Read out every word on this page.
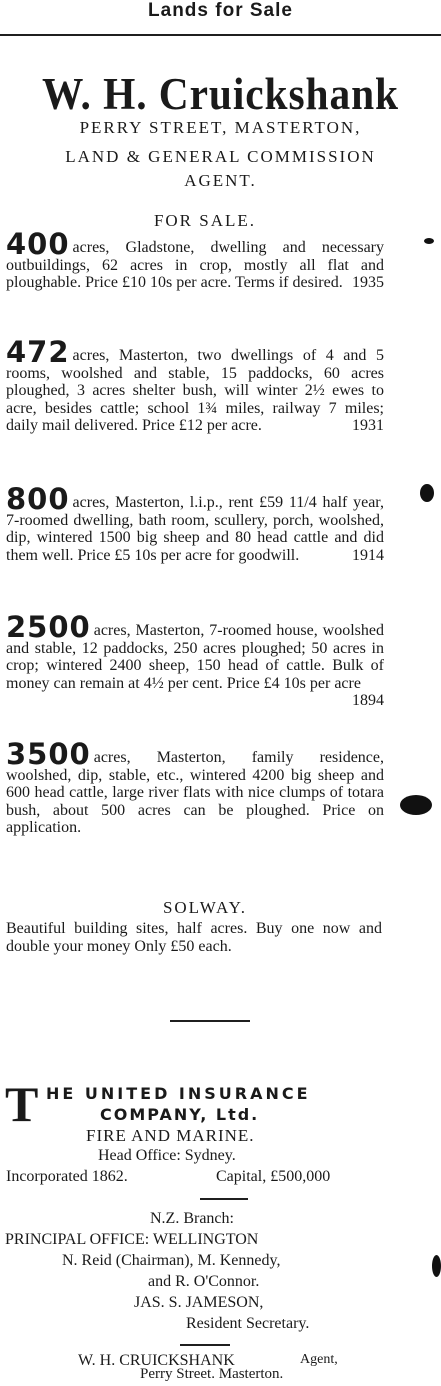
Lands for Sale
W. H. Cruickshank
PERRY STREET, MASTERTON,
LAND & GENERAL COMMISSION
AGENT.
FOR SALE.

400 acres, Gladstone, dwelling and necessary outbuildings, 62 acres in crop, mostly all flat and ploughable. Price £10 10s per acre. Terms if desired. 1935

472 acres, Masterton, two dwellings of 4 and 5 rooms, woolshed and stable, 15 paddocks, 60 acres ploughed, 3 acres shelter bush, will winter 2½ ewes to acre, besides cattle; school 1¾ miles, railway 7 miles; daily mail delivered. Price £12 per acre.	1931

800 acres, Masterton, l.i.p., rent £59 11/4 half year, 7-roomed dwelling, bath room, scullery, porch, woolshed, dip, wintered 1500 big sheep and 80 head cattle and did them well. Price £5 10s per acre for goodwill.	1914

2500 acres, Masterton, 7-roomed house, woolshed and stable, 12 paddocks, 250 acres ploughed; 50 acres in crop; wintered 2400 sheep, 150 head of cattle. Bulk of money can remain at 4½ per cent. Price £4 10s per acre
1894

3500 acres, Masterton, family residence, woolshed, dip, stable, etc., wintered 4200 big sheep and 600 head cattle, large river flats with nice clumps of totara bush, about 500 acres can be ploughed. Price on application.

SOLWAY.
Beautiful building sites, half acres. Buy one now and double your money Only £50 each.
T HE UNITED INSURANCE
COMPANY, Ltd.
FIRE AND MARINE.
Head Office: Sydney.
Incorporated 1862.	Capital, £500,000
N.Z. Branch:
PRINCIPAL OFFICE: WELLINGTON
N. Reid (Chairman), M. Kennedy,
and R. O'Connor.
JAS. S. JAMESON,
Resident Secretary.
W. H. CRUICKSHANK	Agent,
Perry Street. Masterton.
